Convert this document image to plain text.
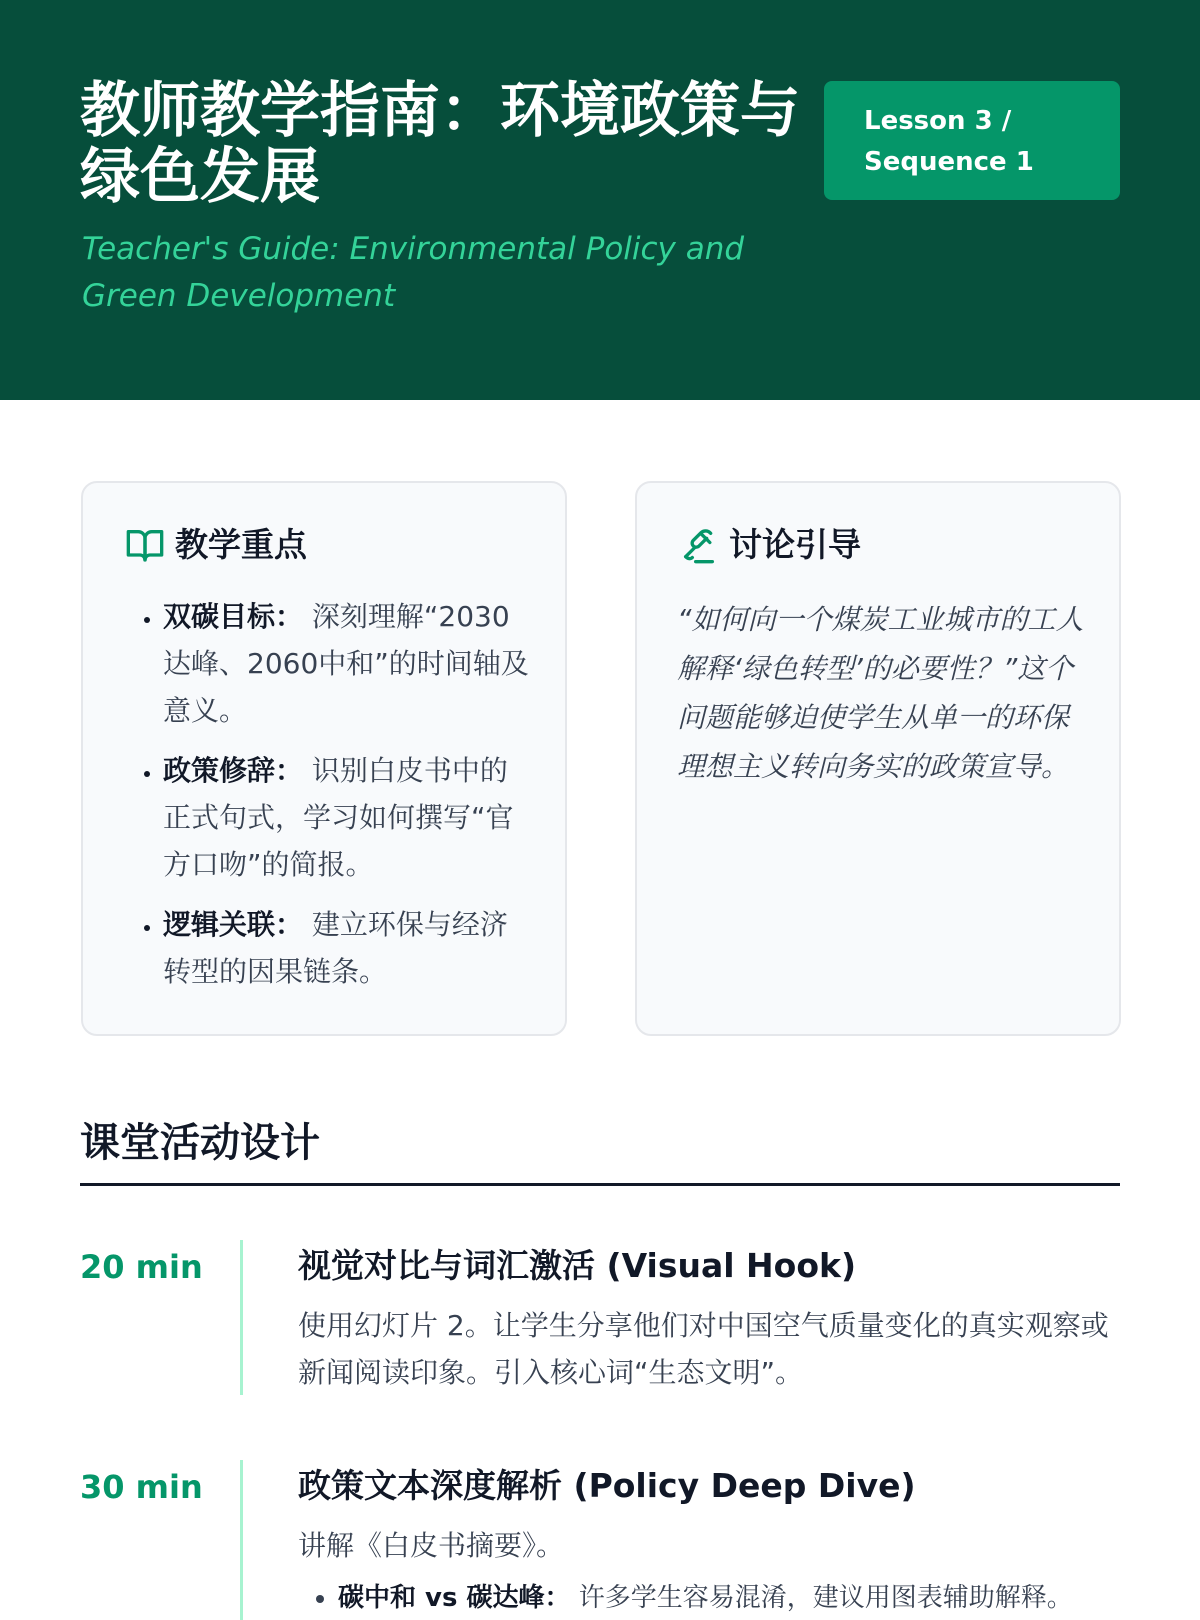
教师教学指南：环境政策与绿色发展

Teacher's Guide: Environmental Policy and Green Development

Lesson 3 / Sequence 1
教学重点
• 双碳目标： 深刻理解“2030达峰、2060中和”的时间轴及意义。
• 政策修辞： 识别白皮书中的正式句式，学习如何撰写“官方口吻”的简报。
• 逻辑关联： 建立环保与经济转型的因果链条。
讨论引导

“如何向一个煤炭工业城市的工人解释‘绿色转型’的必要性？”这个问题能够迫使学生从单一的环保理想主义转向务实的政策宣导。

课堂活动设计
20 min	视觉对比与词汇激活 (Visual Hook)

使用幻灯片 2。让学生分享他们对中国空气质量变化的真实观察或新闻阅读印象。引入核心词“生态文明”。

30 min	政策文本深度解析 (Policy Deep Dive)

讲解《白皮书摘要》。

• 碳中和 vs 碳达峰： 许多学生容易混淆，建议用图表辅助解释。
